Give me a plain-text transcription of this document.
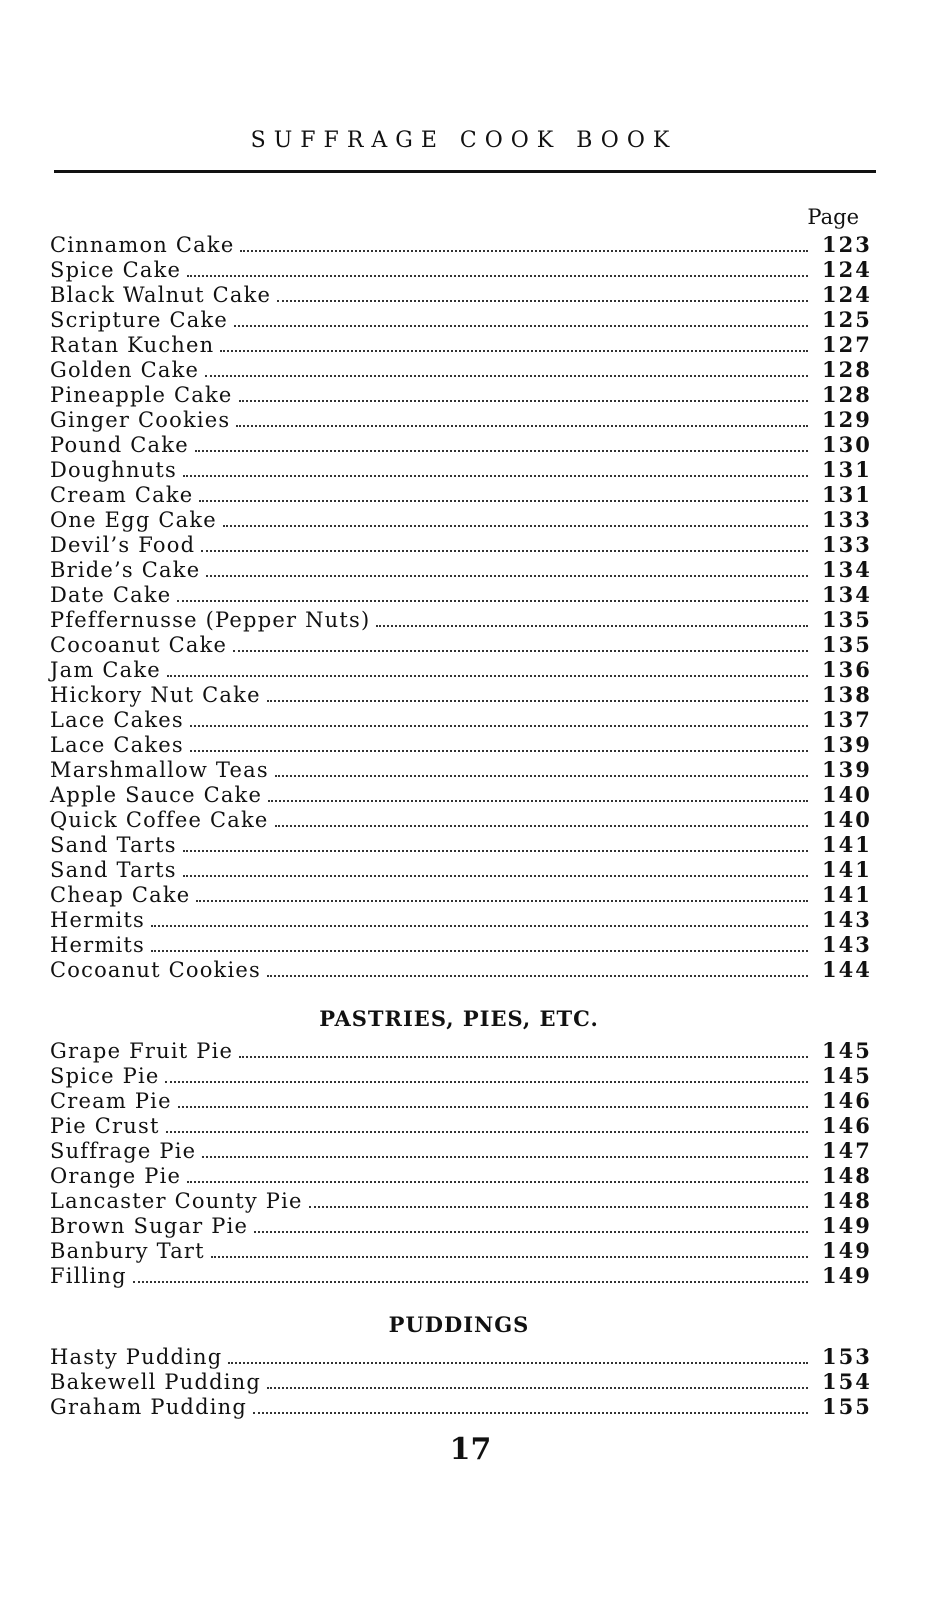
SUFFRAGE COOK BOOK
Page
Cinnamon Cake	123
Spice Cake	124
Black Walnut Cake	124
Scripture Cake	125
Ratan Kuchen	127
Golden Cake	128
Pineapple Cake	128
Ginger Cookies	129
Pound Cake	130
Doughnuts	131
Cream Cake	131
One Egg Cake	133
Devil’s Food	133
Bride’s Cake	134
Date Cake	134
Pfeffernusse (Pepper Nuts)	135
Cocoanut Cake	135
Jam Cake	136
Hickory Nut Cake	138
Lace Cakes	137
Lace Cakes	139
Marshmallow Teas	139
Apple Sauce Cake	140
Quick Coffee Cake	140
Sand Tarts	141
Sand Tarts	141
Cheap Cake	141
Hermits	143
Hermits	143
Cocoanut Cookies	144
PASTRIES, PIES, ETC.
Grape Fruit Pie	145
Spice Pie	145
Cream Pie	146
Pie Crust	146
Suffrage Pie	147
Orange Pie	148
Lancaster County Pie	148
Brown Sugar Pie	149
Banbury Tart	149
Filling	149
PUDDINGS
Hasty Pudding	153
Bakewell Pudding	154
Graham Pudding	155
17
